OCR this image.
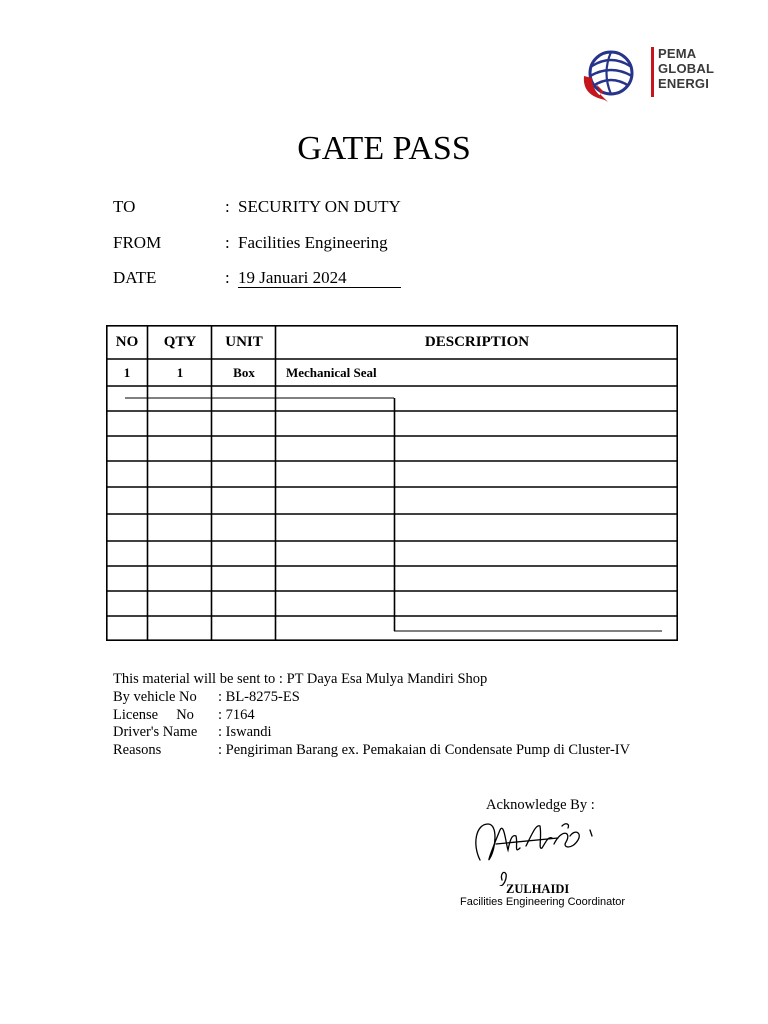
PEMA
GLOBAL
ENERGI
GATE PASS
TO	: SECURITY ON DUTY
FROM	: Facilities Engineering
DATE	: 19 Januari 2024
NO	QTY	UNIT	DESCRIPTION
1	1	Box	Mechanical Seal
This material will be sent to : PT Daya Esa Mulya Mandiri Shop
By vehicle No : BL-8275-ES
License     No : 7164
Driver's Name : Iswandi
Reasons	: Pengiriman Barang ex. Pemakaian di Condensate Pump di Cluster-IV
Acknowledge By :
ZULHAIDI
Facilities Engineering Coordinator
